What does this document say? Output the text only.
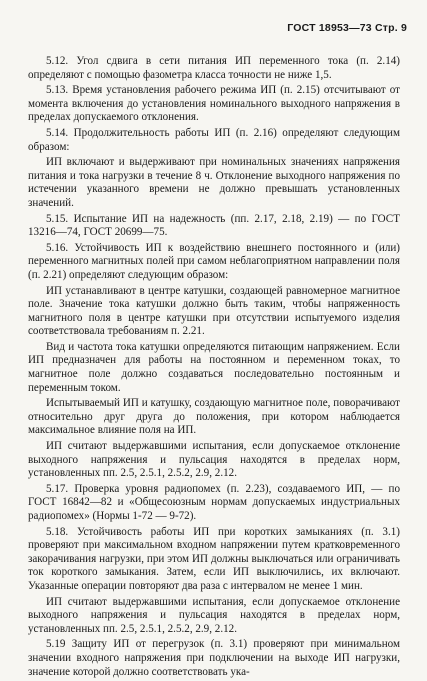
ГОСТ 18953—73 Стр. 9

5.12. Угол сдвига в сети питания ИП переменного тока (п. 2.14) определяют с помощью фазометра класса точности не ниже 1,5.

5.13. Время установления рабочего режима ИП (п. 2.15) отсчитывают от момента включения до установления номинального выходного напряжения в пределах допускаемого отклонения.

5.14. Продолжительность работы ИП (п. 2.16) определяют следующим образом:

ИП включают и выдерживают при номинальных значениях напряжения питания и тока нагрузки в течение 8 ч. Отклонение выходного напряжения по истечении указанного времени не должно превышать установленных значений.

5.15. Испытание ИП на надежность (пп. 2.17, 2.18, 2.19) — по ГОСТ 13216—74, ГОСТ 20699—75.

5.16. Устойчивость ИП к воздействию внешнего постоянного и (или) переменного магнитных полей при самом неблагоприятном направлении поля (п. 2.21) определяют следующим образом:

ИП устанавливают в центре катушки, создающей равномерное магнитное поле. Значение тока катушки должно быть таким, чтобы напряженность магнитного поля в центре катушки при отсутствии испытуемого изделия соответствовала требованиям п. 2.21.

Вид и частота тока катушки определяются питающим напряжением. Если ИП предназначен для работы на постоянном и переменном токах, то магнитное поле должно создаваться последовательно постоянным и переменным током.

Испытываемый ИП и катушку, создающую магнитное поле, поворачивают относительно друг друга до положения, при котором наблюдается максимальное влияние поля на ИП.

ИП считают выдержавшими испытания, если допускаемое отклонение выходного напряжения и пульсация находятся в пределах норм, установленных пп. 2.5, 2.5.1, 2.5.2, 2.9, 2.12.

5.17. Проверка уровня радиопомех (п. 2.23), создаваемого ИП, — по ГОСТ 16842—82 и «Общесоюзным нормам допускаемых индустриальных радиопомех» (Нормы 1-72 — 9-72).

5.18. Устойчивость работы ИП при коротких замыканиях (п. 3.1) проверяют при максимальном входном напряжении путем кратковременного закорачивания нагрузки, при этом ИП должны выключаться или ограничивать ток короткого замыкания. Затем, если ИП выключились, их включают. Указанные операции повторяют два раза с интервалом не менее 1 мин.

ИП считают выдержавшими испытания, если допускаемое отклонение выходного напряжения и пульсация находятся в пределах норм, установленных пп. 2.5, 2.5.1, 2.5.2, 2.9, 2.12.

5.19 Защиту ИП от перегрузок (п. 3.1) проверяют при минимальном значении входного напряжения при подключении на выходе ИП нагрузки, значение которой должно соответствовать ука-
